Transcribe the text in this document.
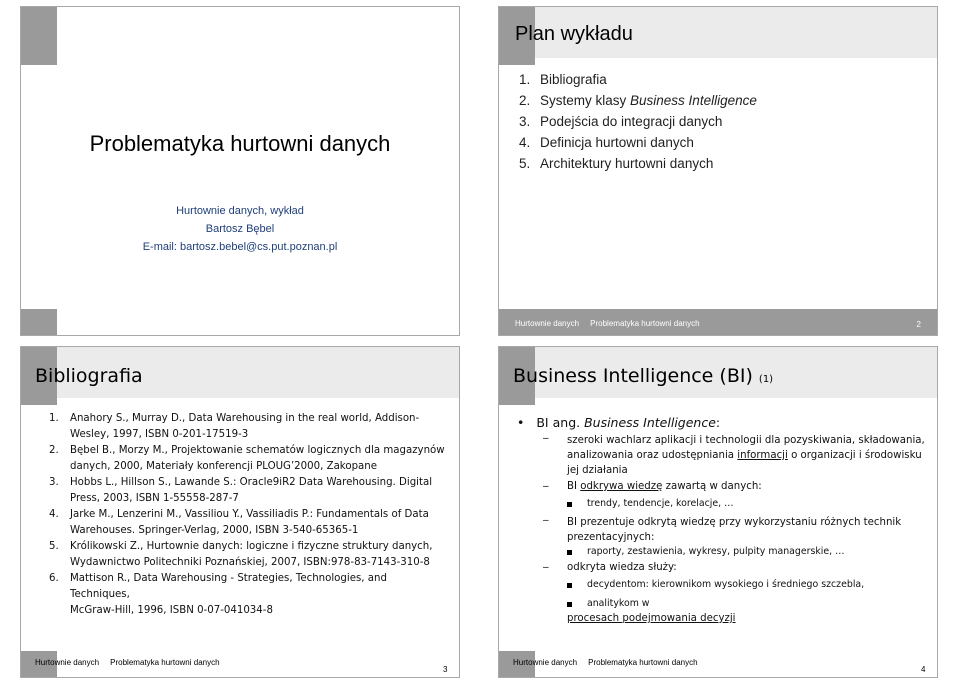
Problematyka hurtowni danych
Hurtownie danych, wykład
Bartosz Bębel
E-mail: bartosz.bebel@cs.put.poznan.pl
Plan wykładu
1. Bibliografia
2. Systemy klasy Business Intelligence
3. Podejścia do integracji danych
4. Definicja hurtowni danych
5. Architektury hurtowni danych
Hurtownie danych     Problematyka hurtowni danych	2
Bibliografia
1. Anahory S., Murray D., Data Warehousing in the real world, Addison-
Wesley, 1997, ISBN 0-201-17519-3
2. Bębel B., Morzy M., Projektowanie schematów logicznych dla magazynów
danych, 2000, Materiały konferencji PLOUG’2000, Zakopane
3. Hobbs L., Hillson S., Lawande S.: Oracle9iR2 Data Warehousing. Digital
Press, 2003, ISBN 1-55558-287-7
4. Jarke M., Lenzerini M., Vassiliou Y., Vassiliadis P.: Fundamentals of Data
Warehouses. Springer-Verlag, 2000, ISBN 3-540-65365-1
5. Królikowski Z., Hurtownie danych: logiczne i fizyczne struktury danych,
Wydawnictwo Politechniki Poznańskiej, 2007, ISBN:978-83-7143-310-8
6. Mattison R., Data Warehousing - Strategies, Technologies, and Techniques,
McGraw-Hill, 1996, ISBN 0-07-041034-8
Hurtownie danych     Problematyka hurtowni danych
3
Business Intelligence (BI) (1)
• BI ang. Business Intelligence:
– szeroki wachlarz aplikacji i technologii dla pozyskiwania, składowania,
analizowania oraz udostępniania informacji o organizacji i środowisku
jej działania
– BI odkrywa wiedzę zawartą w danych:
trendy, tendencje, korelacje, …
– BI prezentuje odkrytą wiedzę przy wykorzystaniu różnych technik
prezentacyjnych:
raporty, zestawienia, wykresy, pulpity managerskie, …
– odkryta wiedza służy:
decydentom: kierownikom wysokiego i średniego szczebla,
analitykom w
procesach podejmowania decyzji
Hurtownie danych     Problematyka hurtowni danych
4
